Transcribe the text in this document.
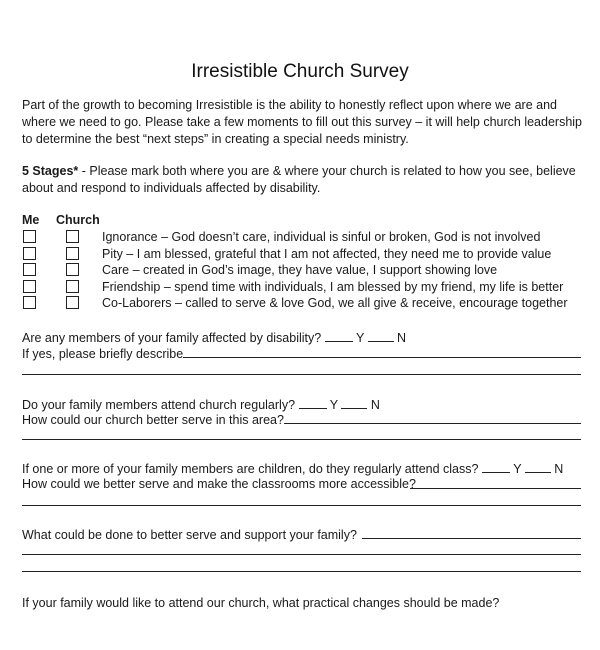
Irresistible Church Survey
Part of the growth to becoming Irresistible is the ability to honestly reflect upon where we are and where we need to go. Please take a few moments to fill out this survey – it will help church leadership to determine the best “next steps” in creating a special needs ministry.
5 Stages* - Please mark both where you are & where your church is related to how you see, believe about and respond to individuals affected by disability.
Me Church
Ignorance – God doesn’t care, individual is sinful or broken, God is not involved
Pity – I am blessed, grateful that I am not affected, they need me to provide value
Care – created in God’s image, they have value, I support showing love
Friendship – spend time with individuals, I am blessed by my friend, my life is better
Co-Laborers – called to serve & love God, we all give & receive, encourage together
Are any members of your family affected by disability?	Y	N
If yes, please briefly describe
Do your family members attend church regularly?	Y	N
How could our church better serve in this area?
If one or more of your family members are children, do they regularly attend class?	Y	N
How could we better serve and make the classrooms more accessible?
What could be done to better serve and support your family?
If your family would like to attend our church, what practical changes should be made?
